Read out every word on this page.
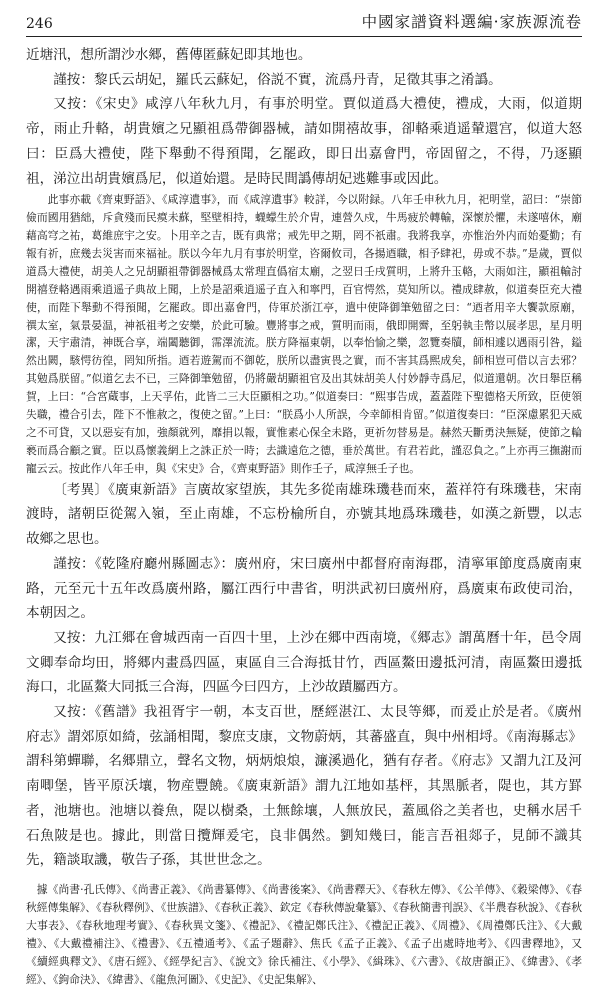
246	中國家譜資料選編·家族源流卷

近塘汛，想所謂沙水郷，舊傳匿蘇妃即其地也。

謹按：黎氏云胡妃，羅氏云蘇妃，俗説不實，流爲丹青，足徵其事之淆譌。

又按：《宋史》咸淳八年秋九月，有事於明堂。賈似道爲大禮使，禮成，大雨，似道期帝，雨止升輅，胡貴嬪之兄顯祖爲帶御器械，請如開禧故事，卻輅乘逍遥輦還宫，似道大怒曰：臣爲大禮使，陛下舉動不得預聞，乞罷政，即日出嘉會門，帝固留之，不得，乃逐顯祖，涕泣出胡貴嬪爲尼，似道始還。是時民間譌傳胡妃逃難事或因此。

此事亦載《齊東野語》、《咸淳遺事》，而《咸淳遺事》較詳，今以附録。八年壬申秋九月，祀明堂，詔曰：“崇節儉而國用猶絀，斥貪殘而民瘼未蘇，堅壁相持，蠛蠓生於介胄，連營久戍，牛馬疲於轉輸，深懷於懼，未遂嘻休，廟藉高穹之祐，葛維庶宇之安。卜用辛之吉，既有典常；戒先甲之期，罔不祇肅。我將我享，亦惟治外内而始憂勤；有報有祈，庶幾去災害而來福祉。朕以今年九月有事於明堂，咨爾攸司，各揚迺職，相予肆祀，毋或不恭。”是歲，賈似道爲大禮使，胡美人之兄胡顯祖帶御器械爲太常理直僞宿太廟，之翌日壬戌質明，上將升玉輅，大雨如注，顯祖輸討開禧登輅遇雨乘逍遥子典故上聞，上於是詔乘逍遥子直入和寧門，百官愕然，莫知所以。禮成肆赦，似道奏臣充大禮使，而陛下舉動不得預聞，乞罷政。即出嘉會門，侍軍於浙江亭，遣中使降御筆勉留之曰：“迺者用辛大饗款原廟，禩太室，氣景晏温，神祇祖考之安樂，於此可驗。豐將事之戒，質明而雨，俄即開霽，至躬執圭幣以展孝思，星月明潔，天宇肅清，神既合享，端闔聽御，霈澤流流。朕方降福東朝，以奉怡愉之樂，忽覽奏牘，師相遽以遇雨引咎，鎰然出闕，駭愕彷徨，罔知所指。迺若遊駕而不御乾，朕所以盡寅畏之實，而不害其爲熙成矣，師相豈可借以言去邪？其勉爲朕留。”似道乞去不已，三降御筆勉留，仍將嚴胡顯祖官及出其妹胡美人付妙靜寺爲尼，似道還朝。次日舉臣稱賀，上曰：“合宮蔵事，上天孚佑，此皆二三大臣顯相之功。”似道奏曰：“熙事告成，蓋蓋陛下聖德格天所致，臣使領失職，禮合引去，陛下不惟赦之，復使之留。”上曰：“朕爲小人所誤，今幸師相肯留。”似道復奏曰：“臣深慮累犯天威之不可貸，又以惡妄有加，強顏就列，靡捐以報，實惟素心保全未路，更祈勿替易是。赫然天斷勇決無疑，使節之輪褻而爲合顧之實。臣以爲懷義網上之誅正於一時；去識遠危之德，垂於萬世。有君若此，謹忍負之。”上亦再三撫謝而寵云云。按此作八年壬申，與《宋史》合，《齊東野語》則作壬子，咸淳無壬子也。

〔考異〕《廣東新語》言廣故家望族，其先多從南雄珠璣巷而來，蓋祥符有珠璣巷，宋南渡時，諸朝臣從駕入嶺，至止南雄，不忘枌榆所自，亦號其地爲珠璣巷，如漢之新豐，以志故鄉之思也。

謹按：《乾隆府廳州縣圖志》：廣州府，宋曰廣州中都督府南海郡，清寧軍節度爲廣南東路，元至元十五年改爲廣州路，屬江西行中書省，明洪武初曰廣州府，爲廣東布政使司治，本朝因之。

又按：九江郷在會城西南一百四十里，上沙在郷中西南境，《郷志》謂萬曆十年，邑令周文卿奉命均田，將郷内畫爲四區，東區自三合海抵甘竹，西區鰲田邊抵河清，南區鰲田邊抵海口，北區鰲大同抵三合海，四區今曰四方，上沙故蹟屬西方。

又按：《舊譜》我祖胥宇一朝，本支百世，歷經湛江、太艮等郷，而爰止於是者。《廣州府志》謂郊原如綺，弦誦相聞，黎庶支康，文物蔚炳，其蕃盛直，與中州相埒。《南海縣志》謂科第蟬聯，名郷鼎立，聲名文物，炳炳烺烺，濂溪過化，猶有存者。《府志》又謂九江及河南唧堡，皆平原沃壤，物産豐饒。《廣東新語》謂九江地如基枰，其黑脈者，隄也，其方罫者，池塘也。池塘以養魚，隄以樹桑，土無餘壤，人無放民，蓋風俗之美者也，史稱水居千石魚陂是也。據此，則當日攬輝爰宅，良非偶然。劉知幾曰，能言吾祖郯子，見師不識其先，籍談取譏，敬告子孫，其世世念之。

據《尚書·孔氏傳》、《尚書正義》、《尚書纂傳》、《尚書後案》、《尚書釋天》、《春秋左傳》、《公羊傳》、《穀梁傳》、《春秋經傳集解》、《春秋釋例》、《世族譜》、《春秋正義》、欽定《春秋傳說彙纂》、《春秋簡書刊誤》、《半農春秋說》、《春秋大事表》、《春秋地理考實》、《春秋異文箋》、《禮記》、《禮記鄭氏注》、《禮記正義》、《周禮》、《周禮鄭氏注》、《大戴禮》、《大戴禮補注》、《禮書》、《五禮通考》、《孟子題辭》、焦氏《孟子正義》、《孟子出處時地考》、《四書釋地》，又《續經典釋文》、《唐石經》、《經學紀言》、《說文》徐氏補注、《小學》、《緝珠》、《六書》、《故唐韻正》、《緯書》、《孝經》、《鉤命決》、《緯書》、《龍魚河圖》、《史記》、《史記集解》、
